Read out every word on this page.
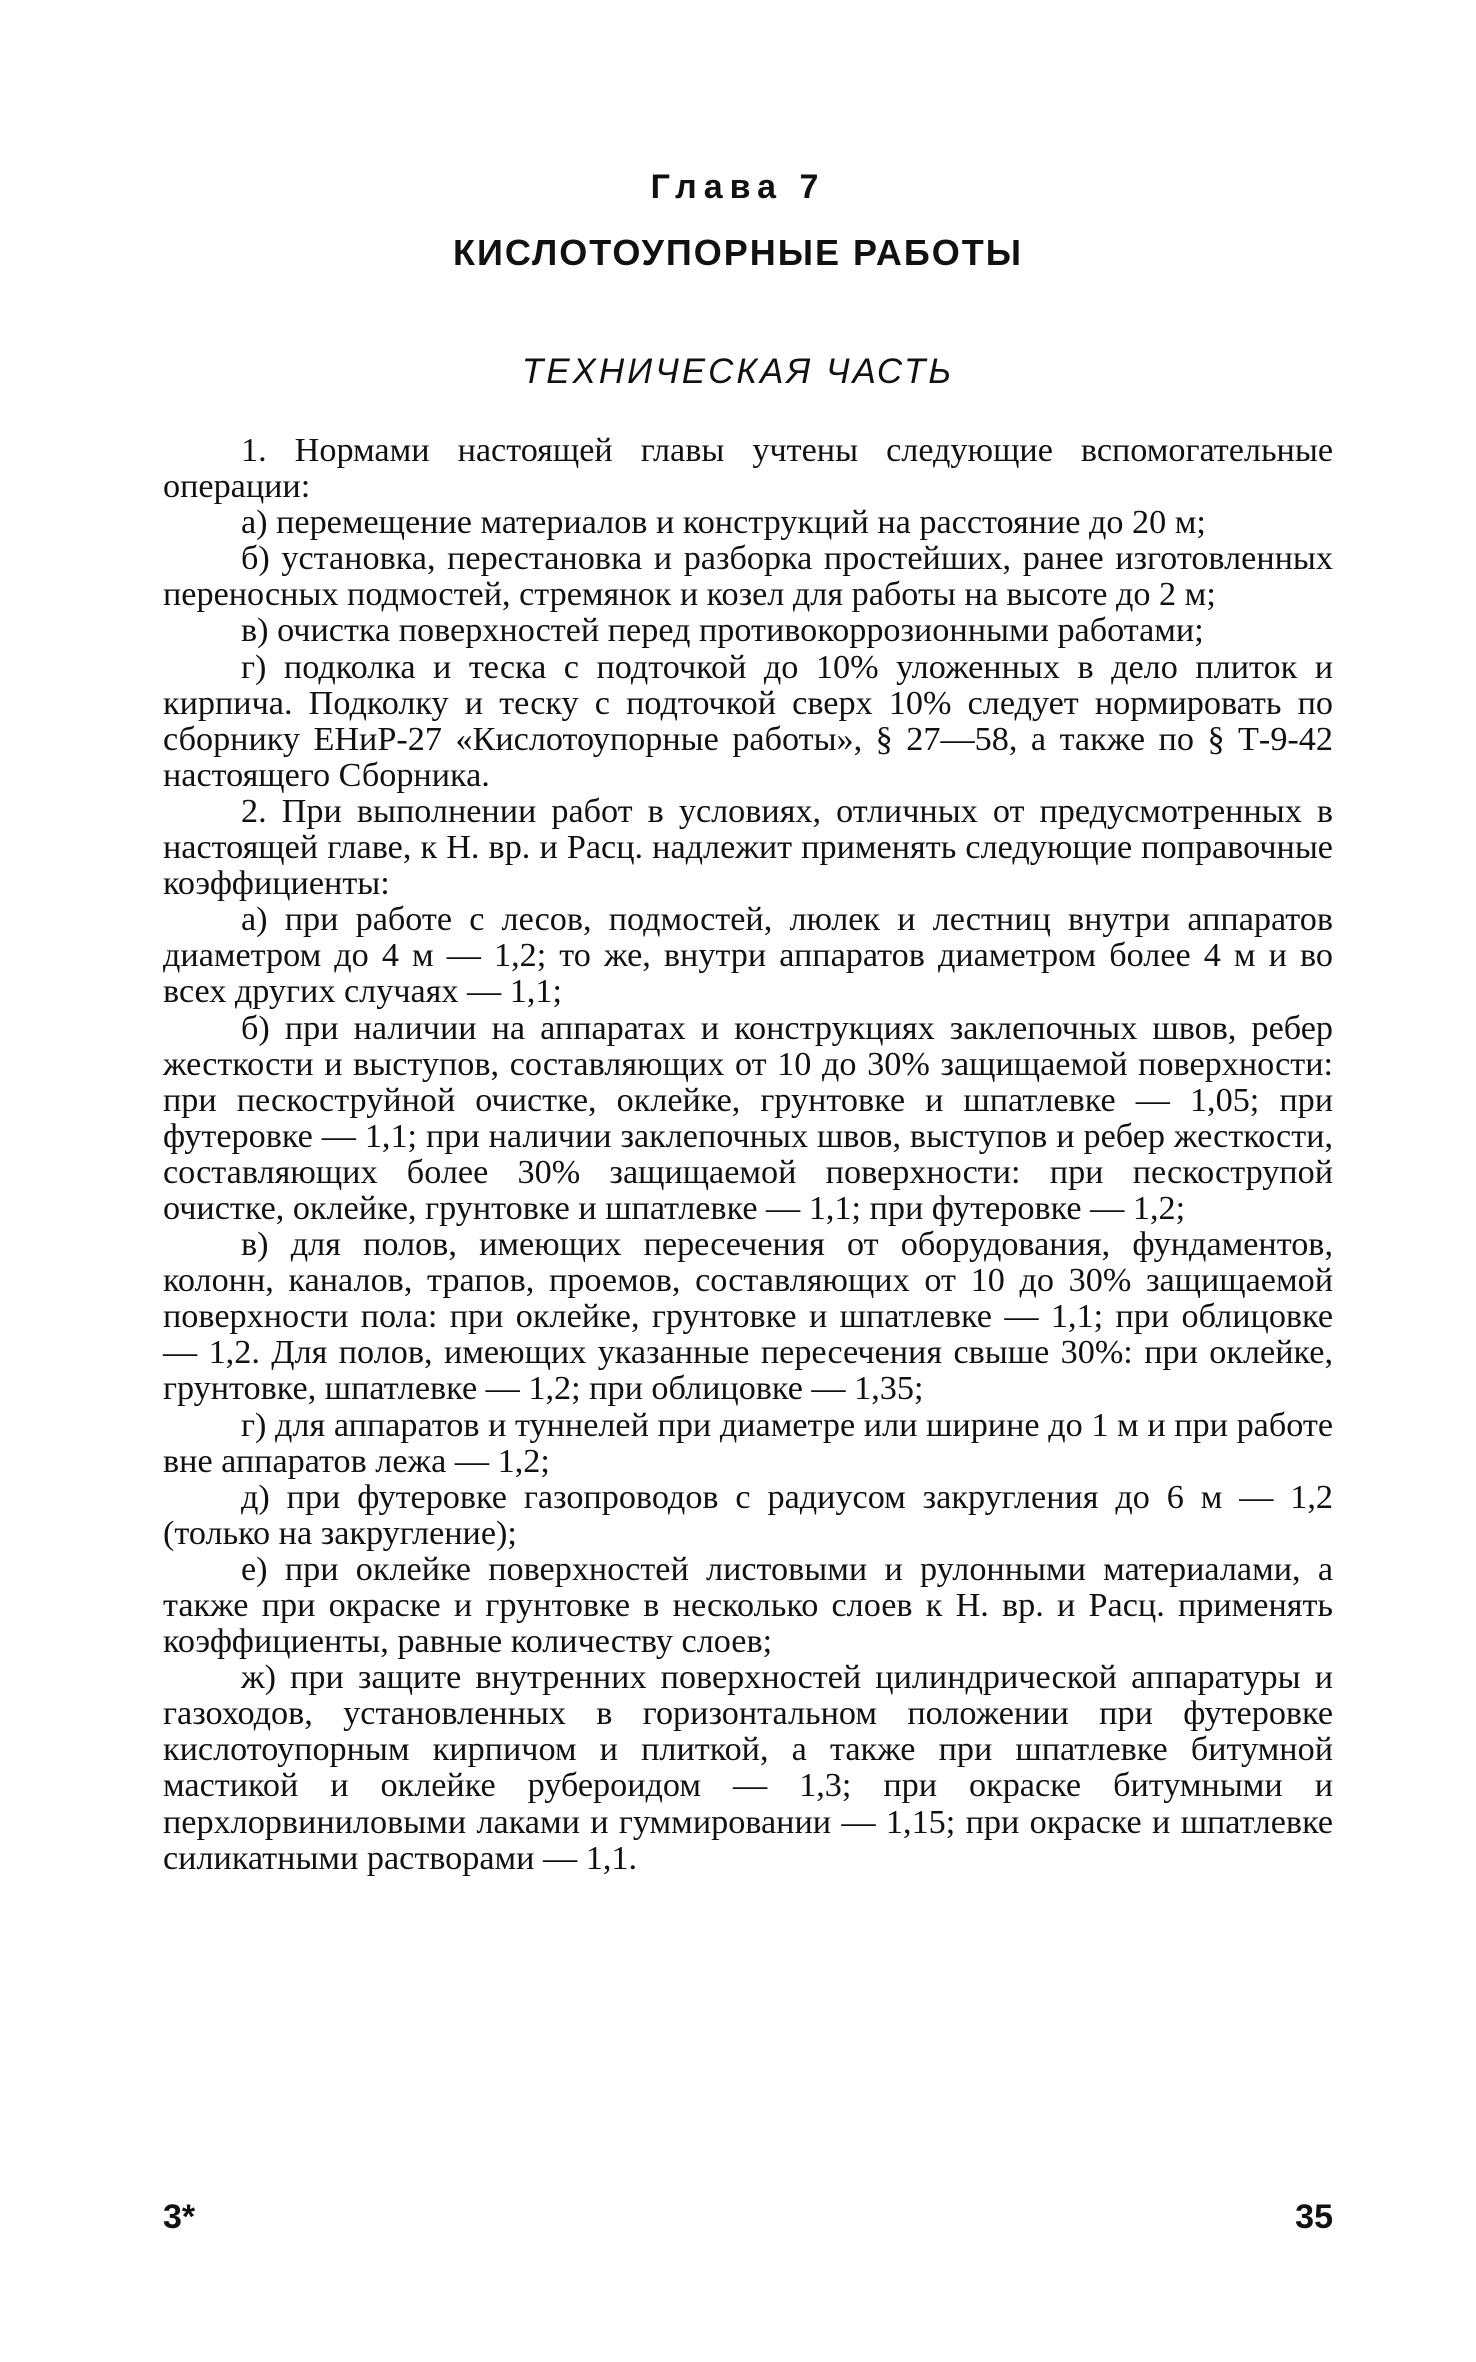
Глава 7
КИСЛОТОУПОРНЫЕ РАБОТЫ
ТЕХНИЧЕСКАЯ ЧАСТЬ

1. Нормами настоящей главы учтены следующие вспомогательные операции:

а) перемещение материалов и конструкций на расстояние до 20 м;

б) установка, перестановка и разборка простейших, ранее изготовленных переносных подмостей, стремянок и козел для работы на высоте до 2 м;

в) очистка поверхностей перед противокоррозионными работами;

г) подколка и теска с подточкой до 10% уложенных в дело плиток и кирпича. Подколку и теску с подточкой сверх 10% следует нормировать по сборнику ЕНиР-27 «Кислотоупорные работы», § 27—58, а также по § Т-9-42 настоящего Сборника.

2. При выполнении работ в условиях, отличных от предусмотренных в настоящей главе, к Н. вр. и Расц. надлежит применять следующие поправочные коэффициенты:

а) при работе с лесов, подмостей, люлек и лестниц внутри аппаратов диаметром до 4 м — 1,2; то же, внутри аппаратов диаметром более 4 м и во всех других случаях — 1,1;

б) при наличии на аппаратах и конструкциях заклепочных швов, ребер жесткости и выступов, составляющих от 10 до 30% защищаемой поверхности: при пескоструйной очистке, оклейке, грунтовке и шпатлевке — 1,05; при футеровке — 1,1; при наличии заклепочных швов, выступов и ребер жесткости, составляющих более 30% защищаемой поверхности: при пескострупой очистке, оклейке, грунтовке и шпатлевке — 1,1; при футеровке — 1,2;

в) для полов, имеющих пересечения от оборудования, фундаментов, колонн, каналов, трапов, проемов, составляющих от 10 до 30% защищаемой поверхности пола: при оклейке, грунтовке и шпатлевке — 1,1; при облицовке — 1,2. Для полов, имеющих указанные пересечения свыше 30%: при оклейке, грунтовке, шпатлевке — 1,2; при облицовке — 1,35;

г) для аппаратов и туннелей при диаметре или ширине до 1 м и при работе вне аппаратов лежа — 1,2;

д) при футеровке газопроводов с радиусом закругления до 6 м — 1,2 (только на закругление);

е) при оклейке поверхностей листовыми и рулонными материалами, а также при окраске и грунтовке в несколько слоев к Н. вр. и Расц. применять коэффициенты, равные количеству слоев;

ж) при защите внутренних поверхностей цилиндрической аппаратуры и газоходов, установленных в горизонтальном положении при футеровке кислотоупорным кирпичом и плиткой, а также при шпатлевке битумной мастикой и оклейке рубероидом — 1,3; при окраске битумными и перхлорвиниловыми лаками и гуммировании — 1,15; при окраске и шпатлевке силикатными растворами — 1,1.

3*	35
